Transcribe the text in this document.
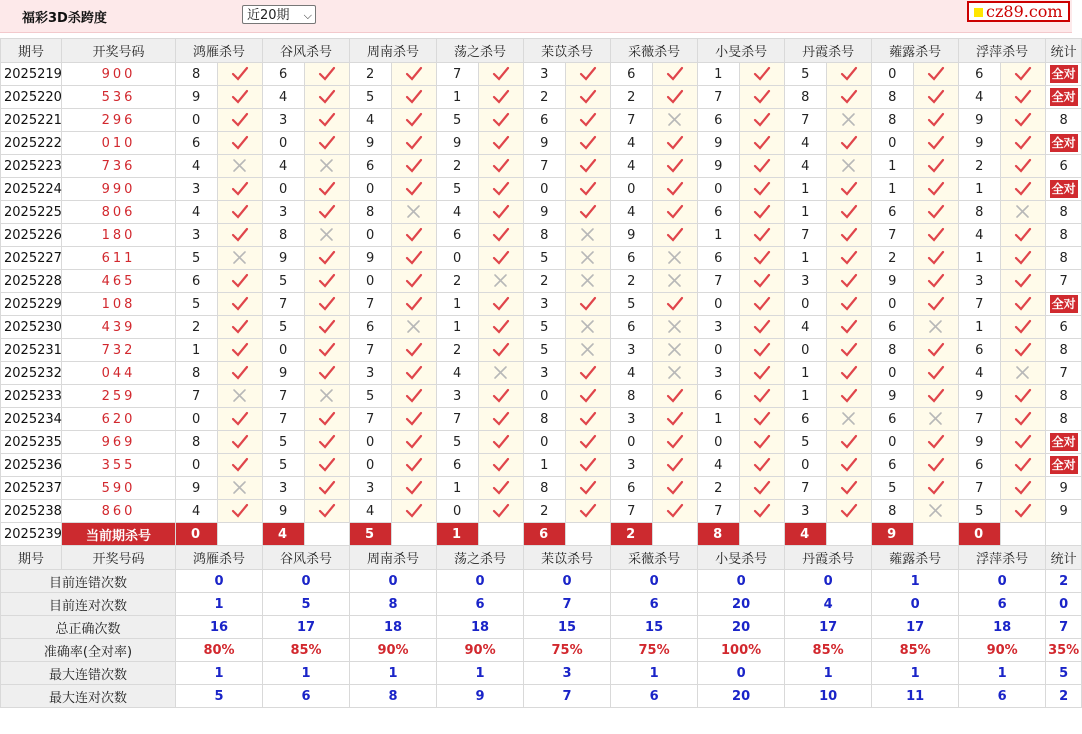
福彩3D杀跨度	近20期 ⌵	cz89.com
期号	开奖号码	鸿雁杀号		谷风杀号		周南杀号		荡之杀号		苿苡杀号		采薇杀号		小旻杀号		丹霞杀号		蕹露杀号		浮萍杀号		统计
2025219	900	8		6		2		7		3		6		1		5		0		6		全对
2025220	536	9		4		5		1		2		2		7		8		8		4		全对
2025221	296	0		3		4		5		6		7		6		7		8		9		8
2025222	010	6		0		9		9		9		4		9		4		0		9		全对
2025223	736	4		4		6		2		7		4		9		4		1		2		6
2025224	990	3		0		0		5		0		0		0		1		1		1		全对
2025225	806	4		3		8		4		9		4		6		1		6		8		8
2025226	180	3		8		0		6		8		9		1		7		7		4		8
2025227	611	5		9		9		0		5		6		6		1		2		1		8
2025228	465	6		5		0		2		2		2		7		3		9		3		7
2025229	108	5		7		7		1		3		5		0		0		0		7		全对
2025230	439	2		5		6		1		5		6		3		4		6		1		6
2025231	732	1		0		7		2		5		3		0		0		8		6		8
2025232	044	8		9		3		4		3		4		3		1		0		4		7
2025233	259	7		7		5		3		0		8		6		1		9		9		8
2025234	620	0		7		7		7		8		3		1		6		6		7		8
2025235	969	8		5		0		5		0		0		0		5		0		9		全对
2025236	355	0		5		0		6		1		3		4		0		6		6		全对
2025237	590	9		3		3		1		8		6		2		7		5		7		9
2025238	860	4		9		4		0		2		7		7		3		8		5		9
2025239	当前期杀号	0		4		5		1		6		2		8		4		9		0		
期号	开奖号码	鸿雁杀号		谷风杀号		周南杀号		荡之杀号		苿苡杀号		采薇杀号		小旻杀号		丹霞杀号		蕹露杀号		浮萍杀号		统计
目前连错次数		0		0		0		0		0		0		0		0		1		0		2
目前连对次数		1		5		8		6		7		6		20		4		0		6		0
总正确次数		16		17		18		18		15		15		20		17		17		18		7
准确率(全对率)		80%		85%		90%		90%		75%		75%		100%		85%		85%		90%		35%
最大连错次数		1		1		1		1		3		1		0		1		1		1		5
最大连对次数		5		6		8		9		7		6		20		10		11		6		2
